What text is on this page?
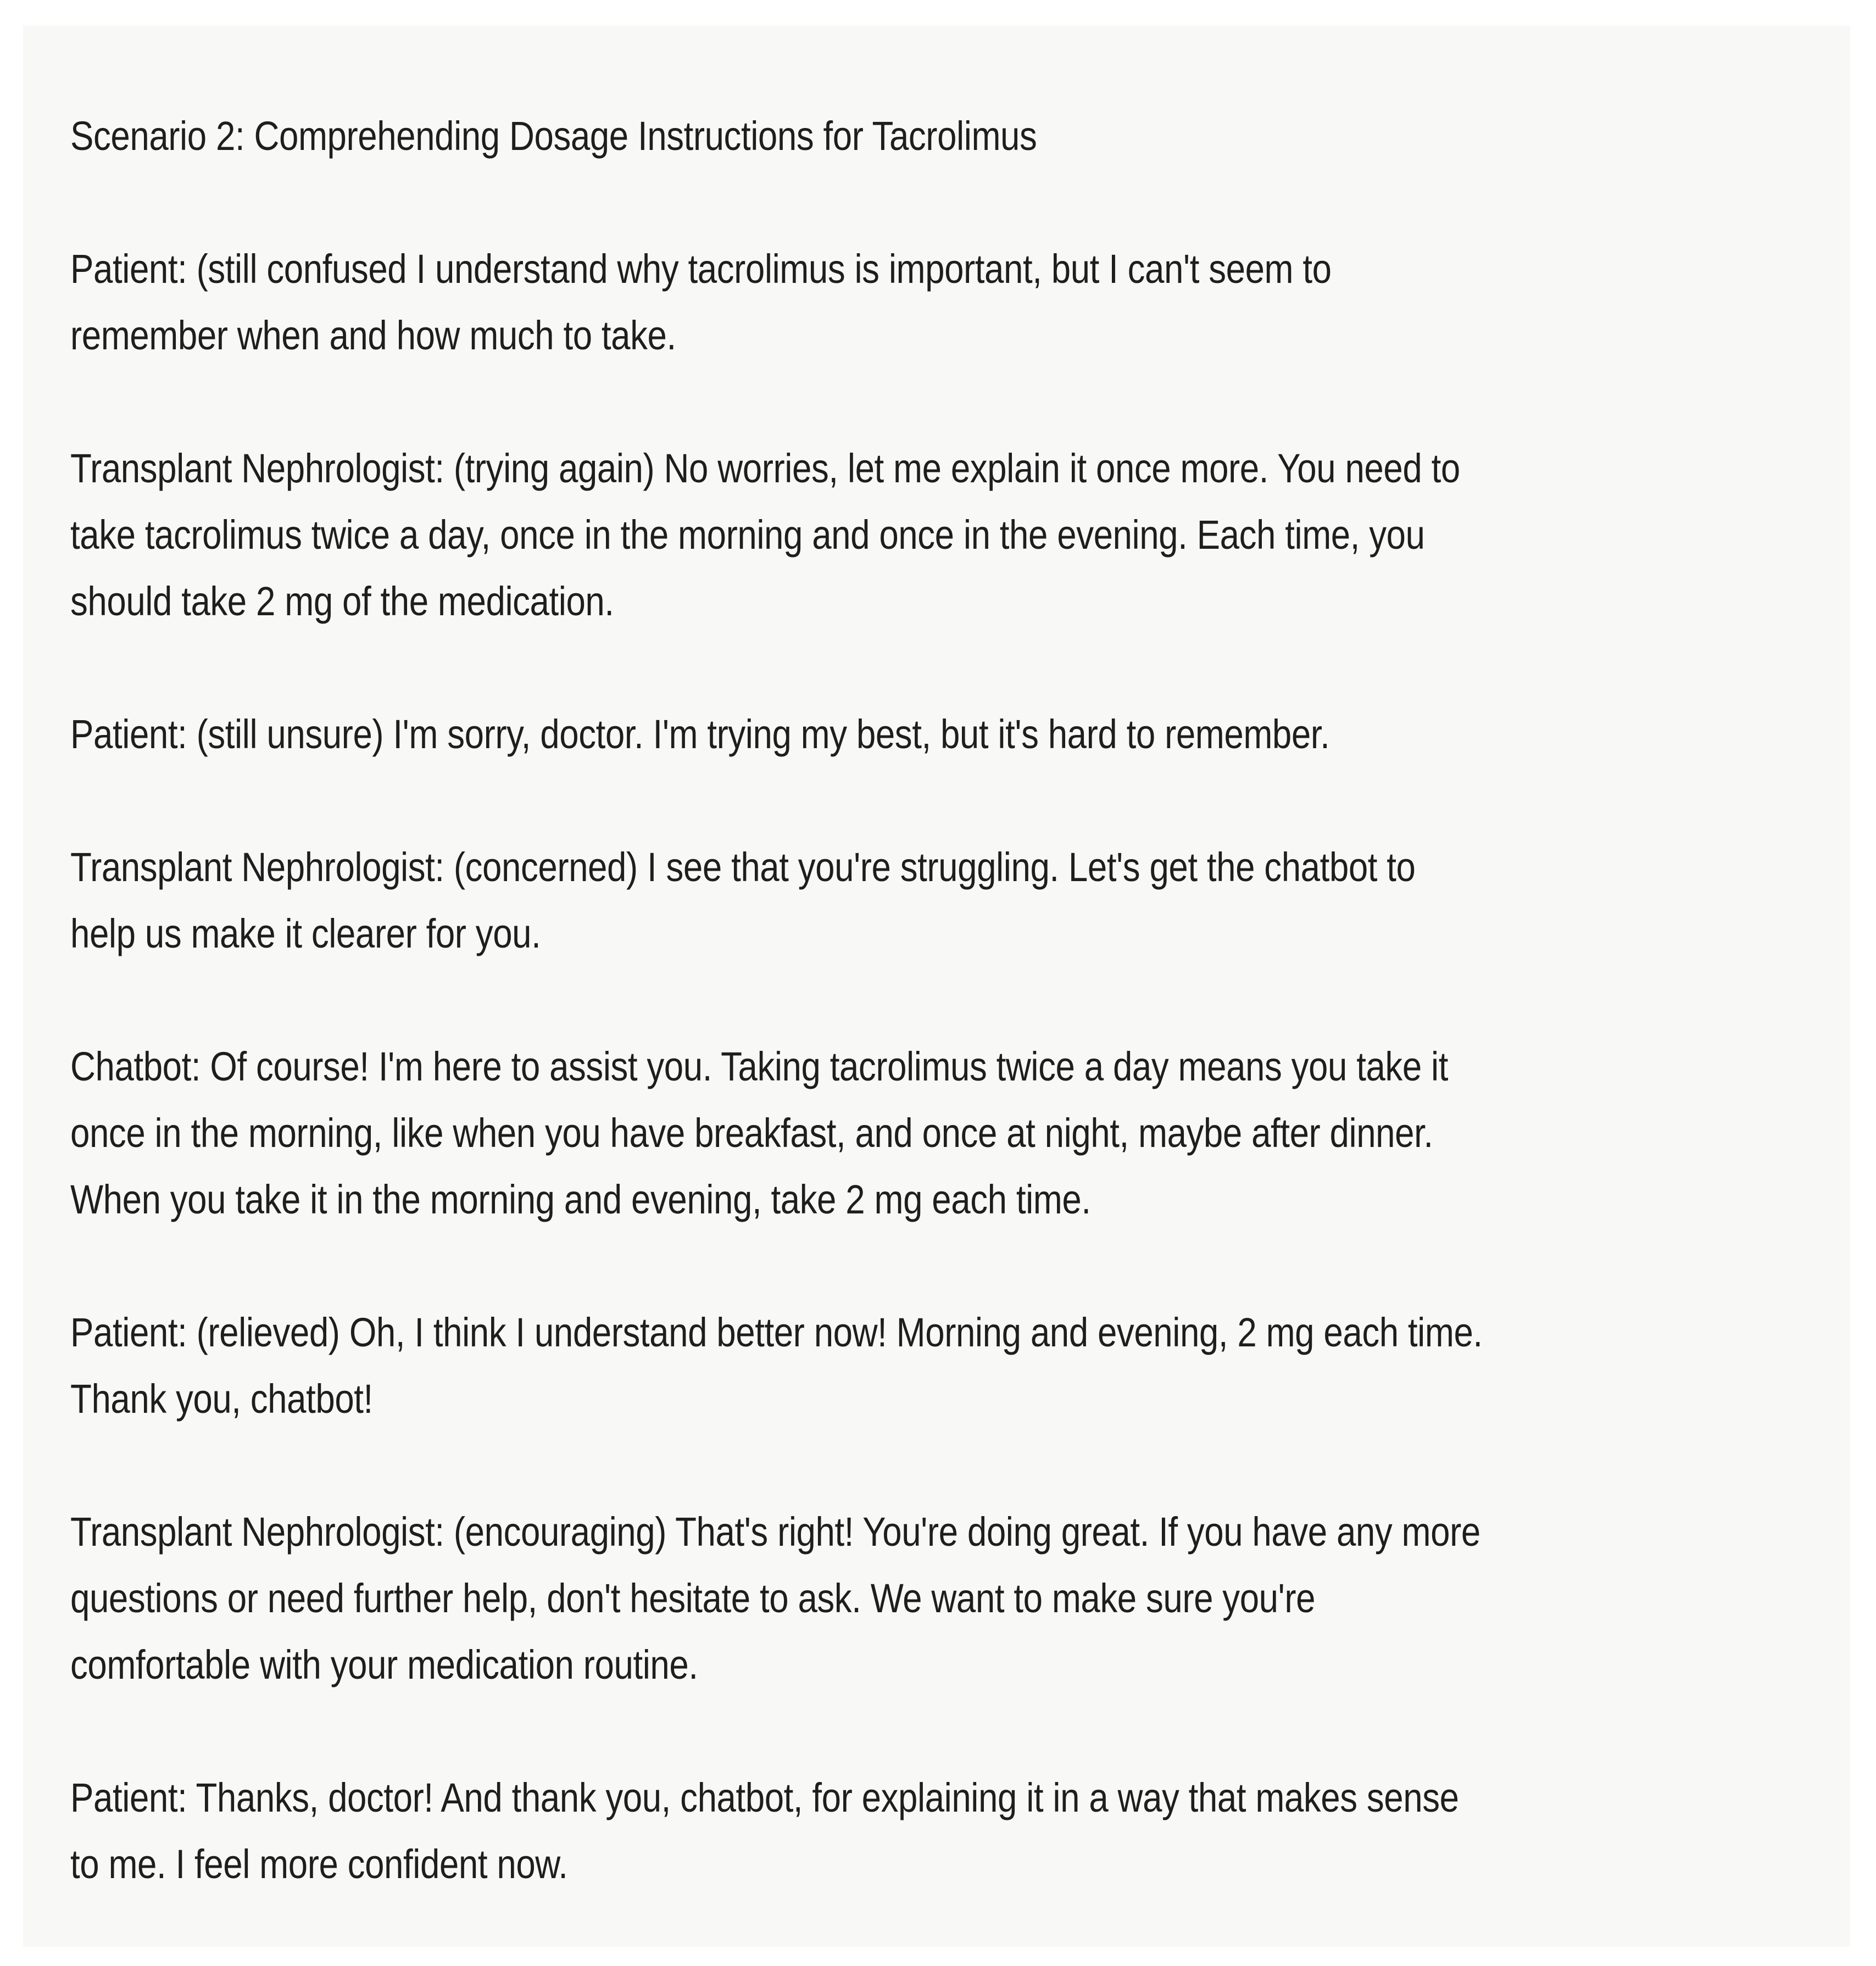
Scenario 2: Comprehending Dosage Instructions for Tacrolimus
Patient: (still confused I understand why tacrolimus is important, but I can't seem to
remember when and how much to take.
Transplant Nephrologist: (trying again) No worries, let me explain it once more. You need to
take tacrolimus twice a day, once in the morning and once in the evening. Each time, you
should take 2 mg of the medication.
Patient: (still unsure) I'm sorry, doctor. I'm trying my best, but it's hard to remember.
Transplant Nephrologist: (concerned) I see that you're struggling. Let's get the chatbot to
help us make it clearer for you.
Chatbot: Of course! I'm here to assist you. Taking tacrolimus twice a day means you take it
once in the morning, like when you have breakfast, and once at night, maybe after dinner.
When you take it in the morning and evening, take 2 mg each time.
Patient: (relieved) Oh, I think I understand better now! Morning and evening, 2 mg each time.
Thank you, chatbot!
Transplant Nephrologist: (encouraging) That's right! You're doing great. If you have any more
questions or need further help, don't hesitate to ask. We want to make sure you're
comfortable with your medication routine.
Patient: Thanks, doctor! And thank you, chatbot, for explaining it in a way that makes sense
to me. I feel more confident now.
